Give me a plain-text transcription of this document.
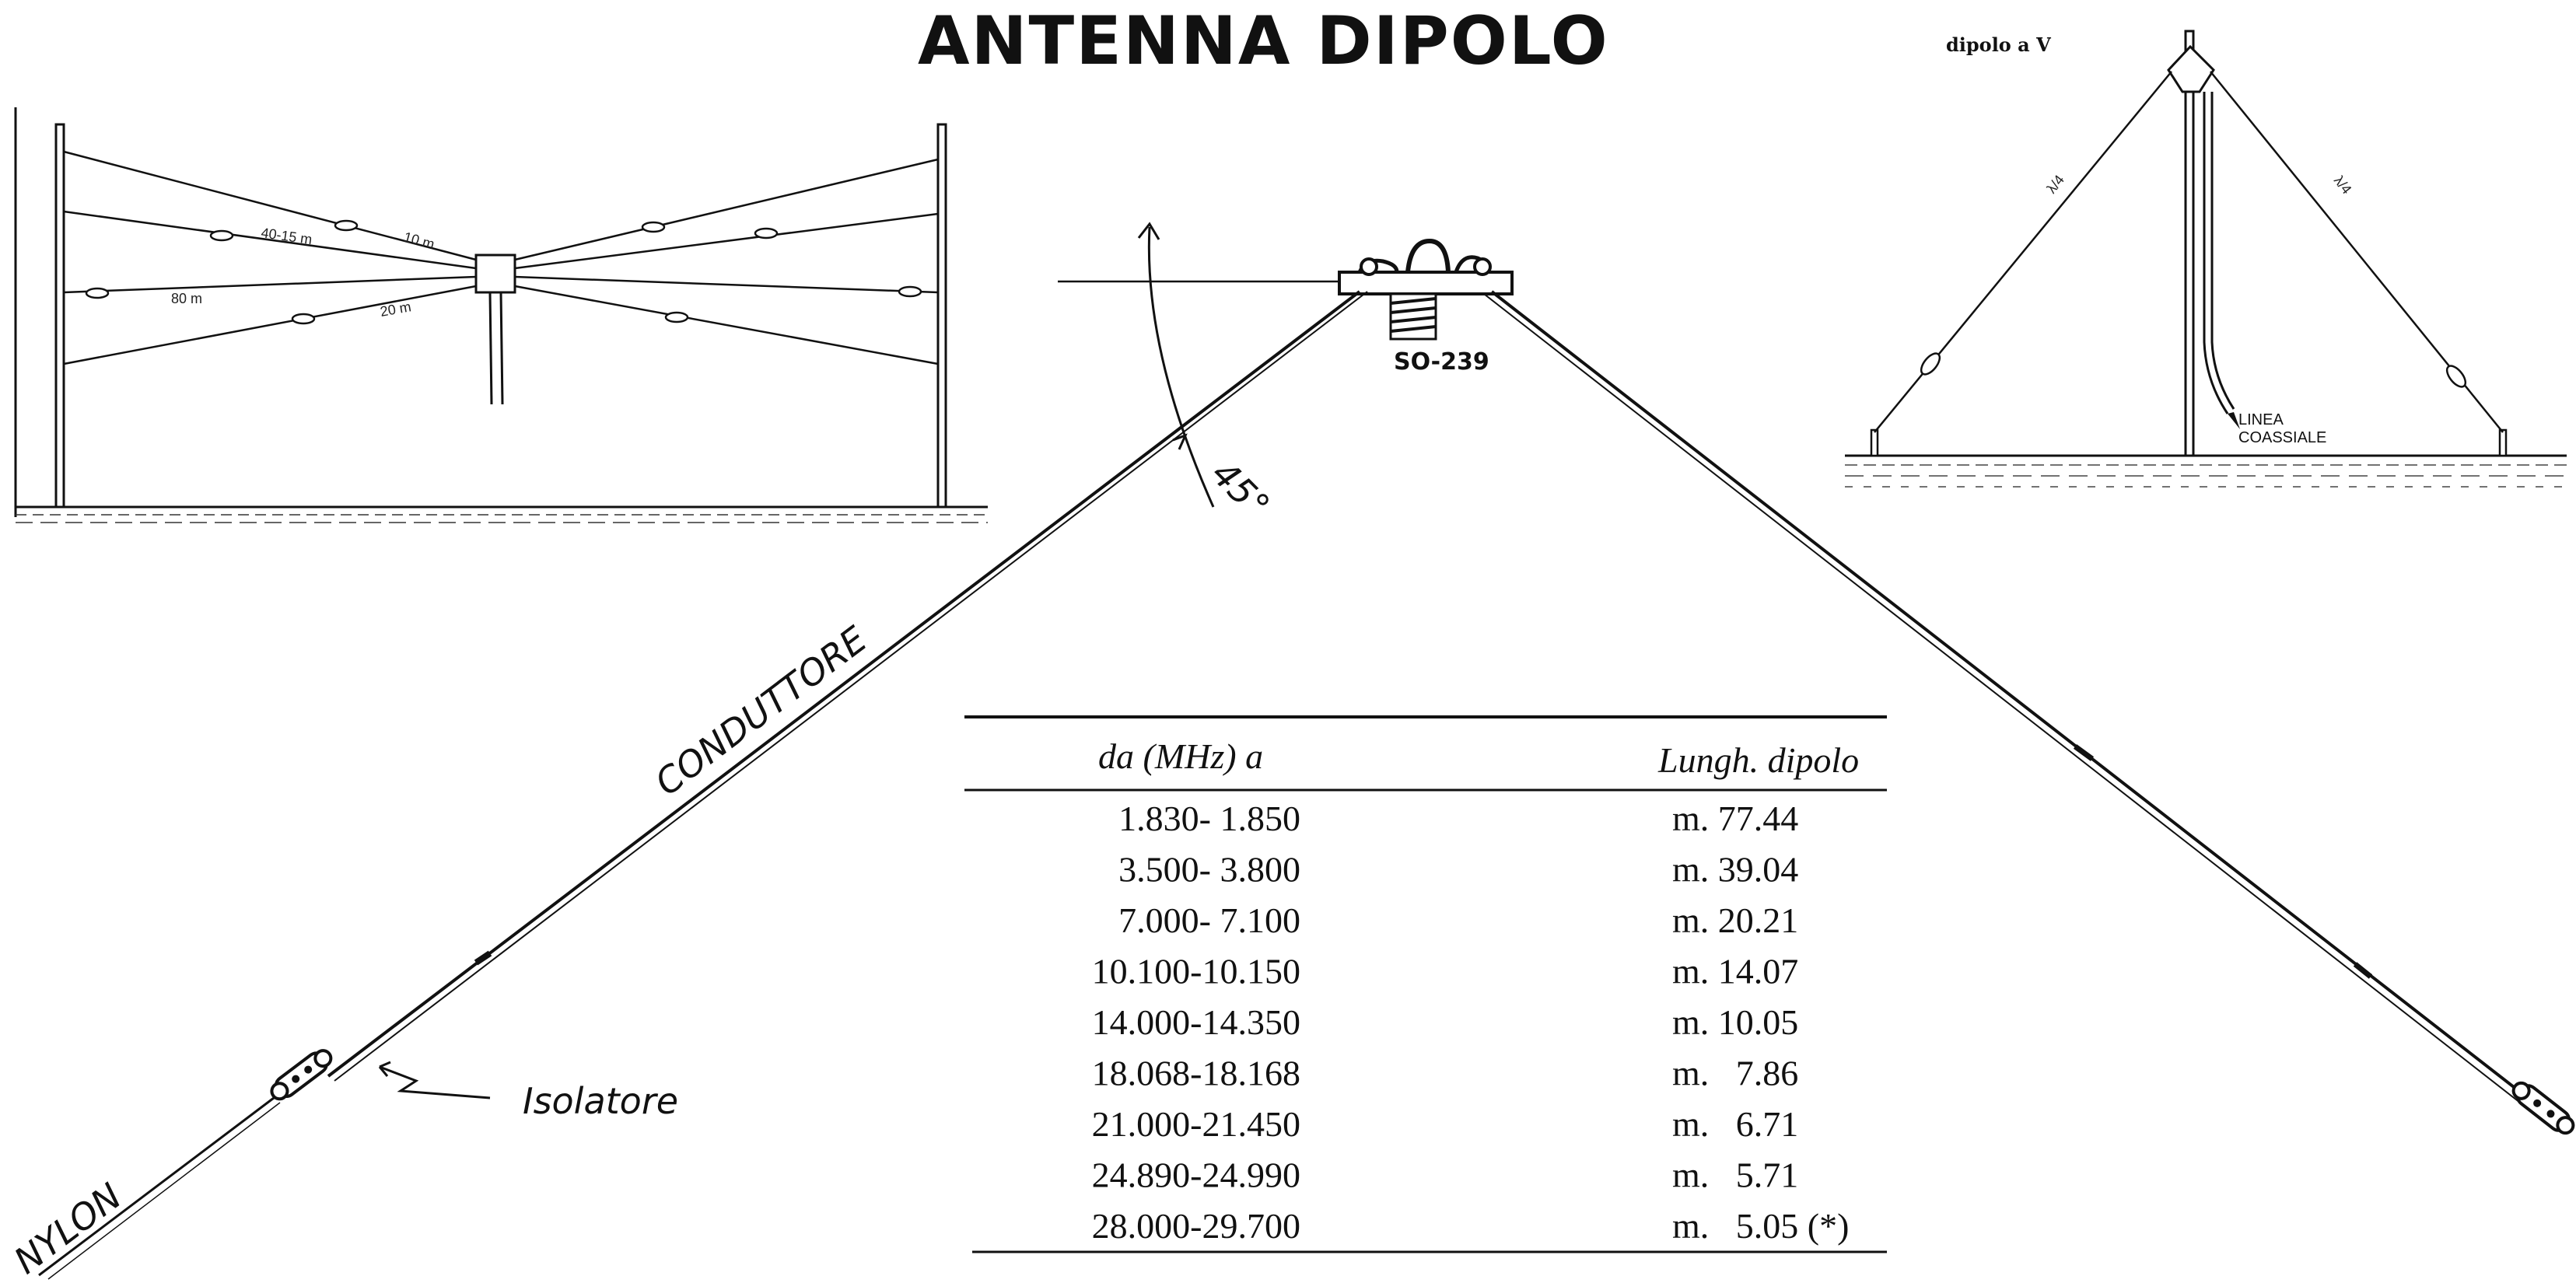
ANTENNA DIPOLO
10 m
40-15 m
80 m
20 m
SO-239
45°
CONDUTTORE
NYLON
Isolatore
dipolo a V
LINEA
COASSIALE
λ/4	λ/4
da (MHz) a	Lungh. dipolo
1.830- 1.850	m. 77.44
3.500- 3.800	m. 39.04
7.000- 7.100	m. 20.21
10.100-10.150	m. 14.07
14.000-14.350	m. 10.05
18.068-18.168	m.   7.86
21.000-21.450	m.   6.71
24.890-24.990	m.   5.71
28.000-29.700	m.   5.05 (*)
